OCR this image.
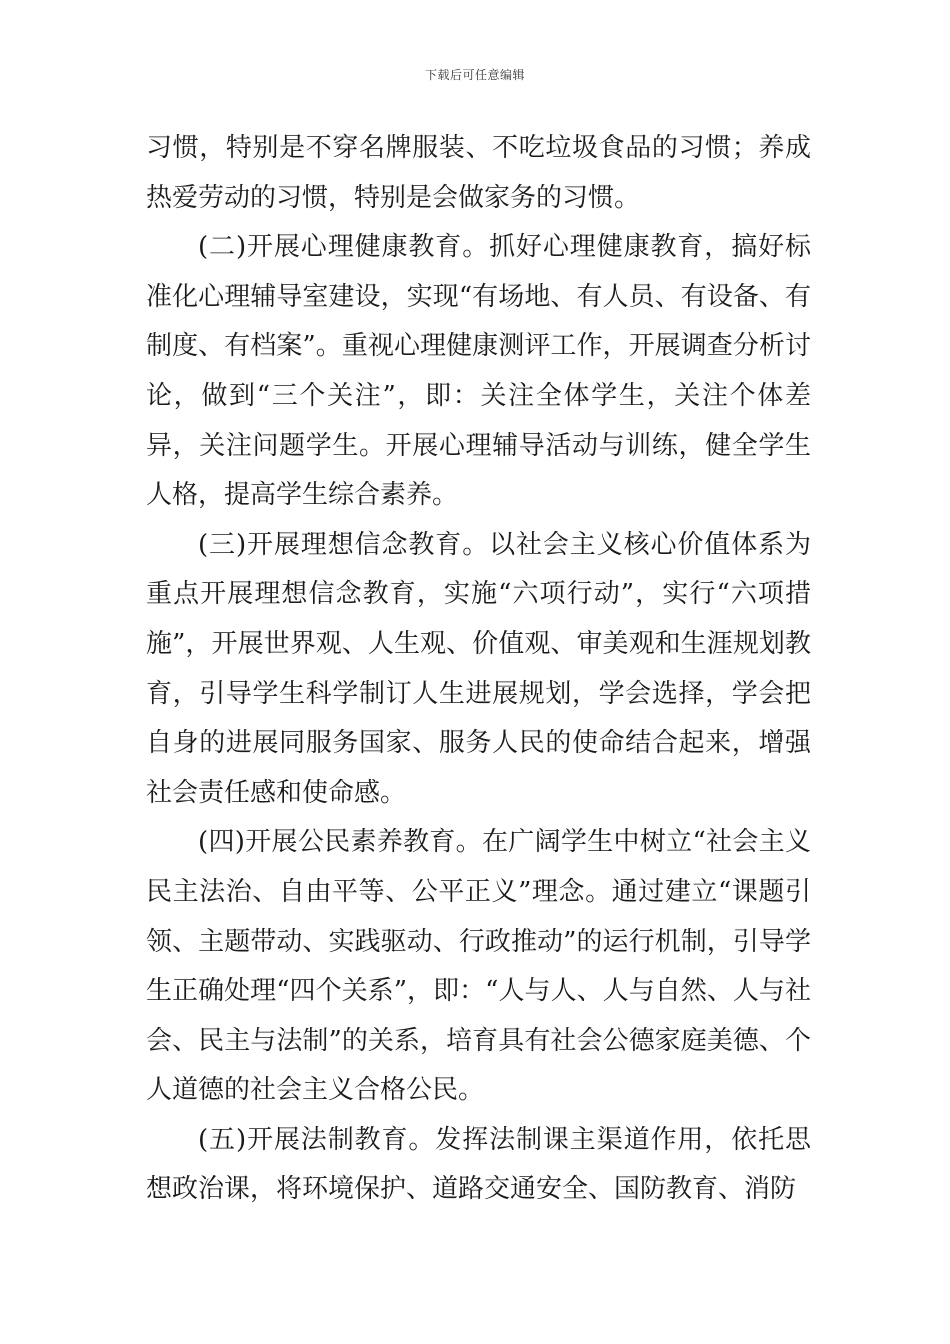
下载后可任意编辑

习惯，特别是不穿名牌服装、不吃垃圾食品的习惯；养成热爱劳动的习惯，特别是会做家务的习惯。

(二)开展心理健康教育。抓好心理健康教育，搞好标准化心理辅导室建设，实现“有场地、有人员、有设备、有制度、有档案”。重视心理健康测评工作，开展调查分析讨论，做到“三个关注”，即：关注全体学生，关注个体差异，关注问题学生。开展心理辅导活动与训练，健全学生人格，提高学生综合素养。

(三)开展理想信念教育。以社会主义核心价值体系为重点开展理想信念教育，实施“六项行动”，实行“六项措施”，开展世界观、人生观、价值观、审美观和生涯规划教育，引导学生科学制订人生进展规划，学会选择，学会把自身的进展同服务国家、服务人民的使命结合起来，增强社会责任感和使命感。

(四)开展公民素养教育。在广阔学生中树立“社会主义民主法治、自由平等、公平正义”理念。通过建立“课题引领、主题带动、实践驱动、行政推动”的运行机制，引导学生正确处理“四个关系”，即：“人与人、人与自然、人与社会、民主与法制”的关系，培育具有社会公德家庭美德、个人道德的社会主义合格公民。

(五)开展法制教育。发挥法制课主渠道作用，依托思想政治课，将环境保护、道路交通安全、国防教育、消防
